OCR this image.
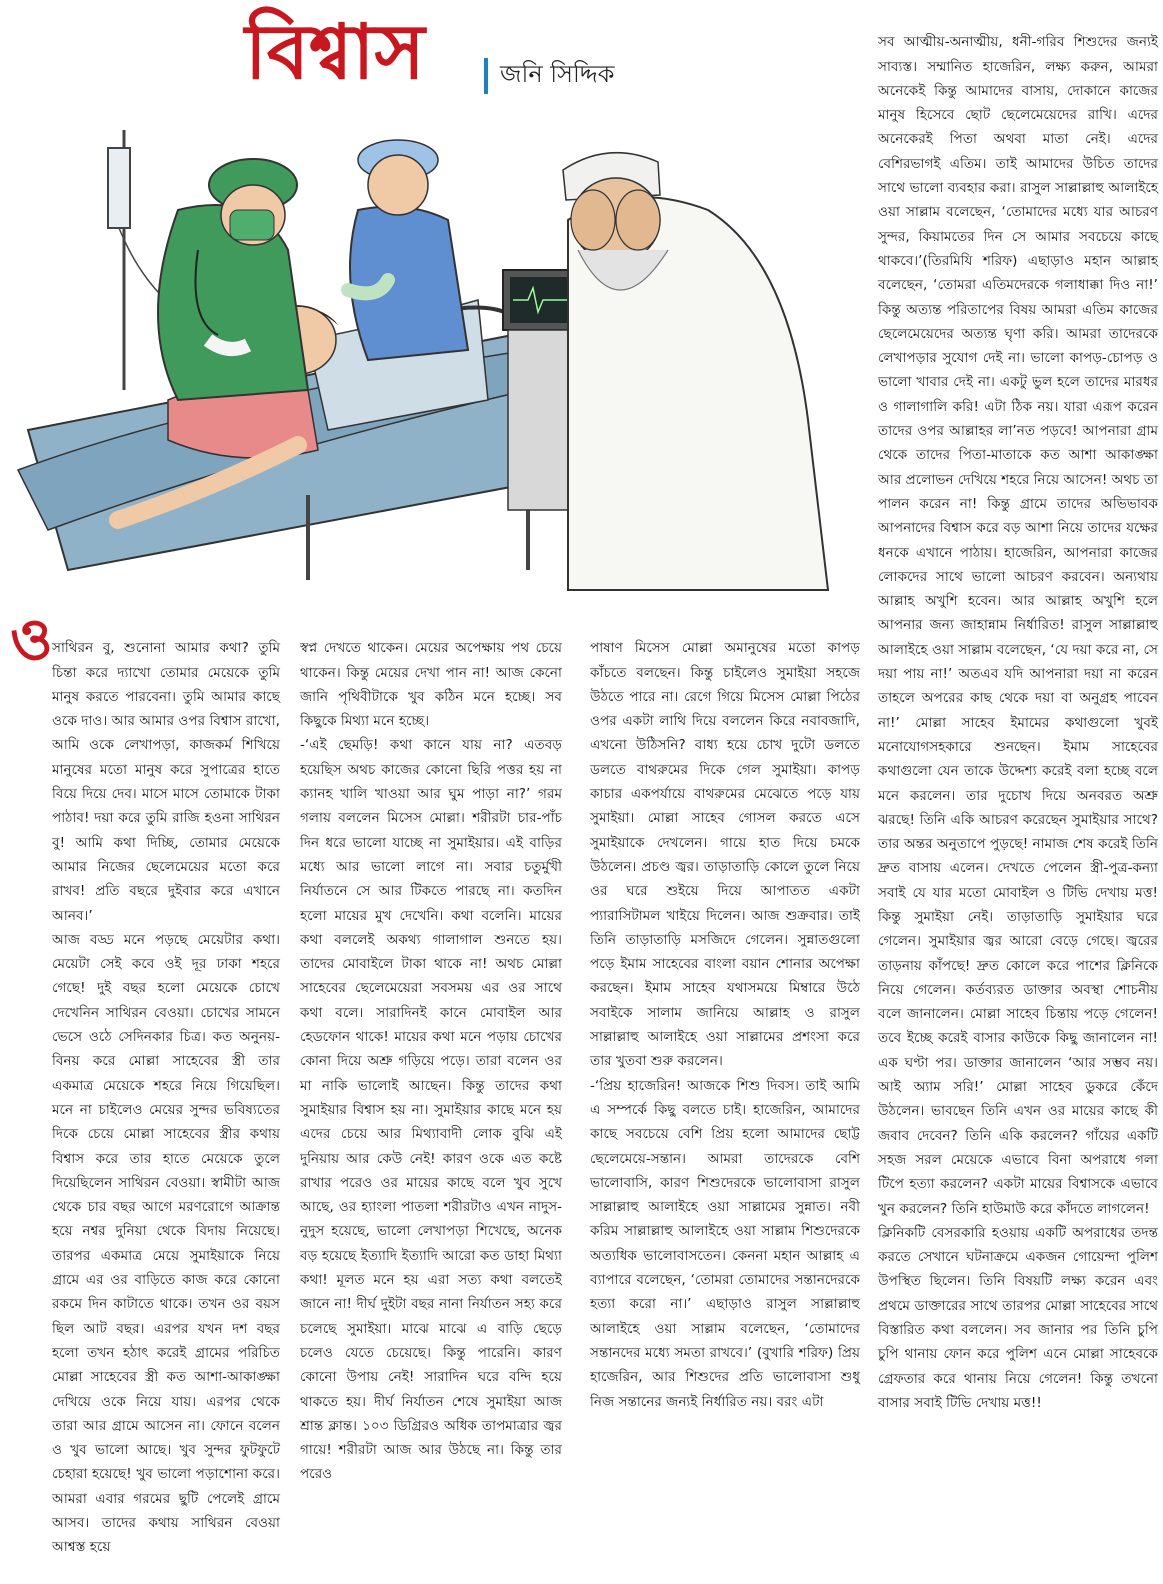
বিশ্বাস	জনি সিদ্দিক
ও সাথিরন বু, শুনোনা আমার কথা? তুমি চিন্তা করে দ্যাখো তোমার মেয়েকে তুমি মানুষ করতে পারবেনা। তুমি আমার কাছে ওকে দাও। আর আমার ওপর বিশ্বাস রাখো, আমি ওকে লেখাপড়া, কাজকর্ম শিখিয়ে মানুষের মতো মানুষ করে সুপাত্রের হাতে বিয়ে দিয়ে দেব। মাসে মাসে তোমাকে টাকা পাঠাব! দয়া করে তুমি রাজি হওনা সাথিরন বু! আমি কথা দিচ্ছি, তোমার মেয়েকে আমার নিজের ছেলেমেয়ের মতো করে রাখব! প্রতি বছরে দুইবার করে এখানে আনব।’
আজ বড্ড মনে পড়ছে মেয়েটার কথা। মেয়েটা সেই কবে ওই দূর ঢাকা শহরে গেছে! দুই বছর হলো মেয়েকে চোখে দেখেনিন সাথিরন বেওয়া। চোখের সামনে ভেসে ওঠে সেদিনকার চিত্র। কত অনুনয়-বিনয় করে মোল্লা সাহেবের স্ত্রী তার একমাত্র মেয়েকে শহরে নিয়ে গিয়েছিল। মনে না চাইলেও মেয়ের সুন্দর ভবিষ্যতের দিকে চেয়ে মোল্লা সাহেবের স্ত্রীর কথায় বিশ্বাস করে তার হাতে মেয়েকে তুলে দিয়েছিলেন সাথিরন বেওয়া। স্বামীটা আজ থেকে চার বছর আগে মরণরোগে আক্রান্ত হয়ে নশ্বর দুনিয়া থেকে বিদায় নিয়েছে। তারপর একমাত্র মেয়ে সুমাইয়াকে নিয়ে গ্রামে এর ওর বাড়িতে কাজ করে কোনো রকমে দিন কাটাতে থাকে। তখন ওর বয়স ছিল আট বছর। এরপর যখন দশ বছর হলো তখন হঠাৎ করেই গ্রামের পরিচিত মোল্লা সাহেবের স্ত্রী কত আশা-আকাঙ্ক্ষা দেখিয়ে ওকে নিয়ে যায়। এরপর থেকে তারা আর গ্রামে আসেন না। ফোনে বলেন ও খুব ভালো আছে। খুব সুন্দর ফুটফুটে চেহারা হয়েছে! খুব ভালো পড়াশোনা করে। আমরা এবার গরমের ছুটি পেলেই গ্রামে আসব। তাদের কথায় সাথিরন বেওয়া আশ্বস্ত হয়ে

স্বপ্ন দেখতে থাকেন। মেয়ের অপেক্ষায় পথ চেয়ে থাকেন। কিন্তু মেয়ের দেখা পান না! আজ কেনো জানি পৃথিবীটাকে খুব কঠিন মনে হচ্ছে। সব কিছুকে মিথ্যা মনে হচ্ছে।
-‘এই ছেমড়ি! কথা কানে যায় না? এতবড় হয়েছিস অথচ কাজের কোনো ছিরি পত্তর হয় না ক্যানহ খালি খাওয়া আর ঘুম পাড়া না?’ গরম গলায় বললেন মিসেস মোল্লা। শরীরটা চার-পাঁচ দিন ধরে ভালো যাচ্ছে না সুমাইয়ার। এই বাড়ির মধ্যে আর ভালো লাগে না। সবার চতুর্মুখী নির্যাতনে সে আর টিকতে পারছে না। কতদিন হলো মায়ের মুখ দেখেনি। কথা বলেনি। মায়ের কথা বললেই অকথ্য গালাগাল শুনতে হয়। তাদের মোবাইলে টাকা থাকে না! অথচ মোল্লা সাহেবের ছেলেমেয়েরা সবসময় এর ওর সাথে কথা বলে। সারাদিনই কানে মোবাইল আর হেডফোন থাকে! মায়ের কথা মনে পড়ায় চোখের কোনা দিয়ে অশ্রু গড়িয়ে পড়ে। তারা বলেন ওর মা নাকি ভালোই আছেন। কিন্তু তাদের কথা সুমাইয়ার বিশ্বাস হয় না। সুমাইয়ার কাছে মনে হয় এদের চেয়ে আর মিথ্যাবাদী লোক বুঝি এই দুনিয়ায় আর কেউ নেই! কারণ ওকে এত কষ্টে রাখার পরেও ওর মায়ের কাছে বলে খুব সুখে আছে, ওর হ্যাংলা পাতলা শরীরটাও এখন নাদুস-নুদুস হয়েছে, ভালো লেখাপড়া শিখেছে, অনেক বড় হয়েছে ইত্যাদি ইত্যাদি আরো কত ডাহা মিথ্যা কথা! মূলত মনে হয় এরা সত্য কথা বলতেই জানে না! দীর্ঘ দুইটা বছর নানা নির্যাতন সহ্য করে চলেছে সুমাইয়া। মাঝে মাঝে এ বাড়ি ছেড়ে চলেও যেতে চেয়েছে। কিন্তু পারেনি। কারণ কোনো উপায় নেই! সারাদিন ঘরে বন্দি হয়ে থাকতে হয়। দীর্ঘ নির্যাতন শেষে সুমাইয়া আজ শ্রান্ত ক্লান্ত। ১০৩ ডিগ্রিরও অধিক তাপমাত্রার জ্বর গায়ে! শরীরটা আজ আর উঠছে না। কিন্তু তার পরেও

পাষাণ মিসেস মোল্লা অমানুষের মতো কাপড় কাঁচতে বলছেন। কিন্তু চাইলেও সুমাইয়া সহজে উঠতে পারে না। রেগে গিয়ে মিসেস মোল্লা পিঠের ওপর একটা লাথি দিয়ে বললেন কিরে নবাবজাদি, এখনো উঠিসনি? বাধ্য হয়ে চোখ দুটো ডলতে ডলতে বাথরুমের দিকে গেল সুমাইয়া। কাপড় কাচার একপর্যায়ে বাথরুমের মেঝেতে পড়ে যায় সুমাইয়া। মোল্লা সাহেব গোসল করতে এসে সুমাইয়াকে দেখলেন। গায়ে হাত দিয়ে চমকে উঠলেন। প্রচণ্ড জ্বর। তাড়াতাড়ি কোলে তুলে নিয়ে ওর ঘরে শুইয়ে দিয়ে আপাতত একটা প্যারাসিটামল খাইয়ে দিলেন। আজ শুক্রবার। তাই তিনি তাড়াতাড়ি মসজিদে গেলেন। সুন্নাতগুলো পড়ে ইমাম সাহেবের বাংলা বয়ান শোনার অপেক্ষা করছেন। ইমাম সাহেব যথাসময়ে মিম্বারে উঠে সবাইকে সালাম জানিয়ে আল্লাহ ও রাসুল সাল্লাল্লাহু আলাইহে ওয়া সাল্লামের প্রশংসা করে তার খুতবা শুরু করলেন।
-‘প্রিয় হাজেরিন! আজকে শিশু দিবস। তাই আমি এ সম্পর্কে কিছু বলতে চাই। হাজেরিন, আমাদের কাছে সবচেয়ে বেশি প্রিয় হলো আমাদের ছোট্ট ছেলেমেয়ে-সন্তান। আমরা তাদেরকে বেশি ভালোবাসি, কারণ শিশুদেরকে ভালোবাসা রাসুল সাল্লাল্লাহু আলাইহে ওয়া সাল্লামের সুন্নাত। নবী করিম সাল্লাল্লাহু আলাইহে ওয়া সাল্লাম শিশুদেরকে অত্যধিক ভালোবাসতেন। কেননা মহান আল্লাহ এ ব্যাপারে বলেছেন, ‘তোমরা তোমাদের সন্তানদেরকে হত্যা করো না।’ এছাড়াও রাসুল সাল্লাল্লাহু আলাইহে ওয়া সাল্লাম বলেছেন, ‘তোমাদের সন্তানদের মধ্যে সমতা রাখবে।’ (বুখারি শরিফ) প্রিয় হাজেরিন, আর শিশুদের প্রতি ভালোবাসা শুধু নিজ সন্তানের জন্যই নির্ধারিত নয়। বরং এটা

সব আত্মীয়-অনাত্মীয়, ধনী-গরিব শিশুদের জন্যই সাব্যস্ত। সম্মানিত হাজেরিন, লক্ষ্য করুন, আমরা অনেকেই কিন্তু আমাদের বাসায়, দোকানে কাজের মানুষ হিসেবে ছোট ছেলেমেয়েদের রাখি। এদের অনেকেরই পিতা অথবা মাতা নেই। এদের বেশিরভাগই এতিম। তাই আমাদের উচিত তাদের সাথে ভালো ব্যবহার করা। রাসুল সাল্লাল্লাহু আলাইহে ওয়া সাল্লাম বলেছেন, ‘তোমাদের মধ্যে যার আচরণ সুন্দর, কিয়ামতের দিন সে আমার সবচেয়ে কাছে থাকবে।’(তিরমিযি শরিফ) এছাড়াও মহান আল্লাহ বলেছেন, ‘তোমরা এতিমদেরকে গলাধাক্কা দিও না!’ কিন্তু অত্যন্ত পরিতাপের বিষয় আমরা এতিম কাজের ছেলেমেয়েদের অত্যন্ত ঘৃণা করি। আমরা তাদেরকে লেখাপড়ার সুযোগ দেই না। ভালো কাপড়-চোপড় ও ভালো খাবার দেই না। একটু ভুল হলে তাদের মারধর ও গালাগালি করি! এটা ঠিক নয়। যারা এরূপ করেন তাদের ওপর আল্লাহর লা’নত পড়বে! আপনারা গ্রাম থেকে তাদের পিতা-মাতাকে কত আশা আকাঙ্ক্ষা আর প্রলোভন দেখিয়ে শহরে নিয়ে আসেন! অথচ তা পালন করেন না! কিন্তু গ্রামে তাদের অভিভাবক আপনাদের বিশ্বাস করে বড় আশা নিয়ে তাদের যক্ষের ধনকে এখানে পাঠায়। হাজেরিন, আপনারা কাজের লোকদের সাথে ভালো আচরণ করবেন। অন্যথায় আল্লাহ অখুশি হবেন। আর আল্লাহ অখুশি হলে আপনার জন্য জাহান্নাম নির্ধারিত! রাসুল সাল্লাল্লাহু আলাইহে ওয়া সাল্লাম বলেছেন, ‘যে দয়া করে না, সে দয়া পায় না!’ অতএব যদি আপনারা দয়া না করেন তাহলে অপরের কাছ থেকে দয়া বা অনুগ্রহ পাবেন না!’ মোল্লা সাহেব ইমামের কথাগুলো খুবই মনোযোগসহকারে শুনছেন। ইমাম সাহেবের কথাগুলো যেন তাকে উদ্দেশ্য করেই বলা হচ্ছে বলে মনে করলেন। তার দুচোখ দিয়ে অনবরত অশ্রু ঝরছে! তিনি একি আচরণ করেছেন সুমাইয়ার সাথে? তার অন্তর অনুতাপে পুড়ছে! নামাজ শেষ করেই তিনি দ্রুত বাসায় এলেন। দেখতে পেলেন স্ত্রী-পুত্র-কন্যা সবাই যে যার মতো মোবাইল ও টিভি দেখায় মত্ত! কিন্তু সুমাইয়া নেই। তাড়াতাড়ি সুমাইয়ার ঘরে গেলেন। সুমাইয়ার জ্বর আরো বেড়ে গেছে। জ্বরের তাড়নায় কাঁপছে! দ্রুত কোলে করে পাশের ক্লিনিকে নিয়ে গেলেন। কর্তব্যরত ডাক্তার অবস্থা শোচনীয় বলে জানালেন। মোল্লা সাহেব চিন্তায় পড়ে গেলেন! তবে ইচ্ছে করেই বাসার কাউকে কিছু জানালেন না! এক ঘণ্টা পর। ডাক্তার জানালেন ‘আর সম্ভব নয়। আই অ্যাম সরি!’ মোল্লা সাহেব ডুকরে কেঁদে উঠলেন। ভাবছেন তিনি এখন ওর মায়ের কাছে কী জবাব দেবেন? তিনি একি করলেন? গাঁয়ের একটি সহজ সরল মেয়েকে এভাবে বিনা অপরাধে গলা টিপে হত্যা করলেন? একটা মায়ের বিশ্বাসকে এভাবে খুন করলেন? তিনি হাউমাউ করে কাঁদতে লাগলেন!
ক্লিনিকটি বেসরকারি হওয়ায় একটি অপরাধের তদন্ত করতে সেখানে ঘটনাক্রমে একজন গোয়েন্দা পুলিশ উপস্থিত ছিলেন। তিনি বিষয়টি লক্ষ্য করেন এবং প্রথমে ডাক্তারের সাথে তারপর মোল্লা সাহেবের সাথে বিস্তারিত কথা বললেন। সব জানার পর তিনি চুপি চুপি থানায় ফোন করে পুলিশ এনে মোল্লা সাহেবকে গ্রেফতার করে থানায় নিয়ে গেলেন! কিন্তু তখনো বাসার সবাই টিভি দেখায় মত্ত!!
